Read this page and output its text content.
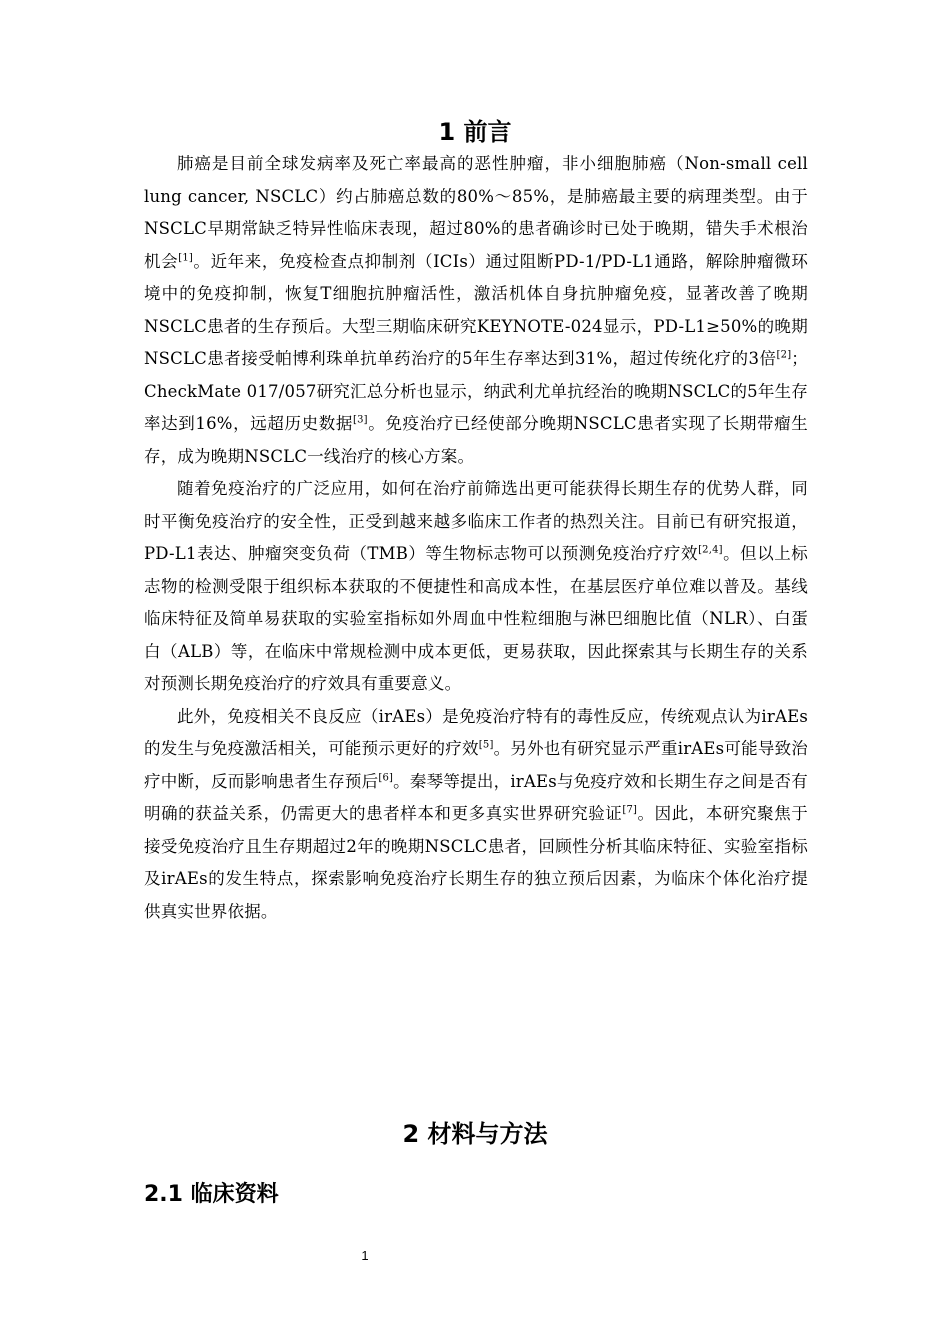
1 前言

肺癌是目前全球发病率及死亡率最高的恶性肿瘤，非小细胞肺癌（Non-small cell lung cancer, NSCLC）约占肺癌总数的80%～85%，是肺癌最主要的病理类型。由于NSCLC早期常缺乏特异性临床表现，超过80%的患者确诊时已处于晚期，错失手术根治机会[1]。近年来，免疫检查点抑制剂（ICIs）通过阻断PD-1/PD-L1通路，解除肿瘤微环境中的免疫抑制，恢复T细胞抗肿瘤活性，激活机体自身抗肿瘤免疫，显著改善了晚期NSCLC患者的生存预后。大型三期临床研究KEYNOTE-024显示，PD-L1≥50%的晚期NSCLC患者接受帕博利珠单抗单药治疗的5年生存率达到31%，超过传统化疗的3倍[2]；CheckMate 017/057研究汇总分析也显示，纳武利尤单抗经治的晚期NSCLC的5年生存率达到16%，远超历史数据[3]。免疫治疗已经使部分晚期NSCLC患者实现了长期带瘤生存，成为晚期NSCLC一线治疗的核心方案。

随着免疫治疗的广泛应用，如何在治疗前筛选出更可能获得长期生存的优势人群，同时平衡免疫治疗的安全性，正受到越来越多临床工作者的热烈关注。目前已有研究报道，PD-L1表达、肿瘤突变负荷（TMB）等生物标志物可以预测免疫治疗疗效[2,4]。但以上标志物的检测受限于组织标本获取的不便捷性和高成本性，在基层医疗单位难以普及。基线临床特征及简单易获取的实验室指标如外周血中性粒细胞与淋巴细胞比值（NLR）、白蛋白（ALB）等，在临床中常规检测中成本更低，更易获取，因此探索其与长期生存的关系对预测长期免疫治疗的疗效具有重要意义。

此外，免疫相关不良反应（irAEs）是免疫治疗特有的毒性反应，传统观点认为irAEs的发生与免疫激活相关，可能预示更好的疗效[5]。另外也有研究显示严重irAEs可能导致治疗中断，反而影响患者生存预后[6]。秦琴等提出，irAEs与免疫疗效和长期生存之间是否有明确的获益关系，仍需更大的患者样本和更多真实世界研究验证[7]。因此，本研究聚焦于接受免疫治疗且生存期超过2年的晚期NSCLC患者，回顾性分析其临床特征、实验室指标及irAEs的发生特点，探索影响免疫治疗长期生存的独立预后因素，为临床个体化治疗提供真实世界依据。

2 材料与方法
2.1 临床资料
1
